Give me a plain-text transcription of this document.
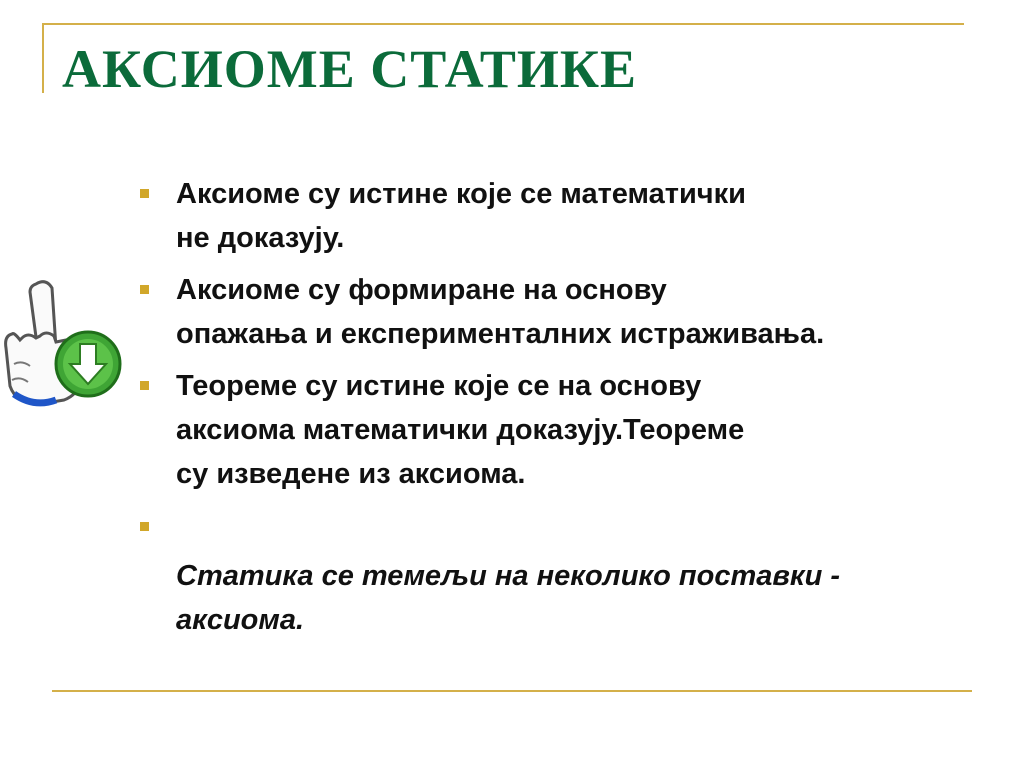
АКСИОМЕ СТАТИКЕ
Аксиоме су истине које се математички
не доказују.
Аксиоме су формиране на основу
опажања и експерименталних истраживања.
Теореме су истине које се на основу
аксиома математички доказују.Теореме
су изведене из аксиома.
Статика се темељи на неколико поставки -
аксиома.
